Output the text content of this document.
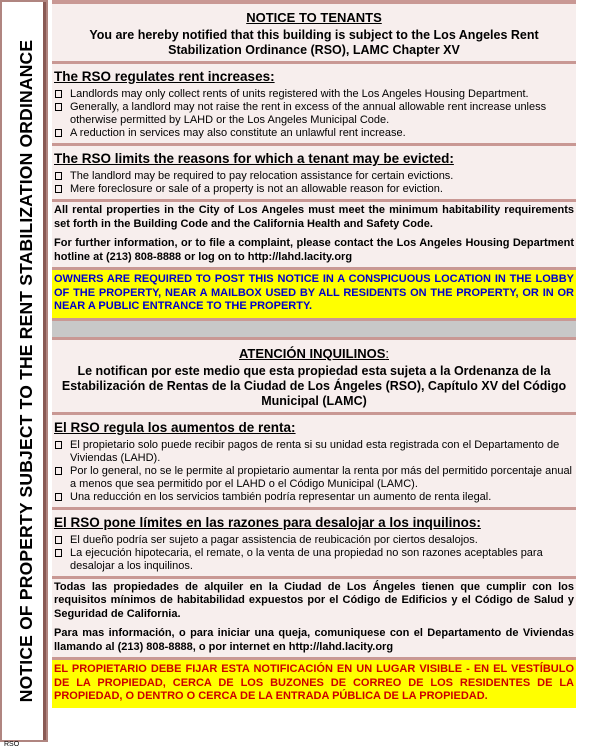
NOTICE OF PROPERTY SUBJECT TO THE RENT STABILIZATION ORDINANCE
RSO
NOTICE TO TENANTS
You are hereby notified that this building is subject to the Los Angeles Rent Stabilization Ordinance (RSO), LAMC Chapter XV
The RSO regulates rent increases:
Landlords may only collect rents of units registered with the Los Angeles Housing Department.
Generally, a landlord may not raise the rent in excess of the annual allowable rent increase unless otherwise permitted by LAHD or the Los Angeles Municipal Code.
A reduction in services may also constitute an unlawful rent increase.
The RSO limits the reasons for which a tenant may be evicted:
The landlord may be required to pay relocation assistance for certain evictions.
Mere foreclosure or sale of a property is not an allowable reason for eviction.
All rental properties in the City of Los Angeles must meet the minimum habitability requirements set forth in the Building Code and the California Health and Safety Code.
For further information, or to file a complaint, please contact the Los Angeles Housing Department hotline at (213) 808-8888 or log on to http://lahd.lacity.org
OWNERS ARE REQUIRED TO POST THIS NOTICE IN A CONSPICUOUS LOCATION IN THE LOBBY OF THE PROPERTY, NEAR A MAILBOX USED BY ALL RESIDENTS ON THE PROPERTY, OR IN OR NEAR A PUBLIC ENTRANCE TO THE PROPERTY.
ATENCIÓN INQUILINOS:
Le notifican por este medio que esta propiedad esta sujeta a la Ordenanza de la Estabilización de Rentas de la Ciudad de Los Ángeles (RSO), Capítulo XV del Código Municipal (LAMC)
El RSO regula los aumentos de renta:
El propietario solo puede recibir pagos de renta si su unidad esta registrada con el Departamento de Viviendas (LAHD).
Por lo general, no se le permite al propietario aumentar la renta por más del permitido porcentaje anual a menos que sea permitido por el LAHD o el Código Municipal (LAMC).
Una reducción en los servicios también podría representar un aumento de renta ilegal.
El RSO pone límites en las razones para desalojar a los inquilinos:
El dueño podría ser sujeto a pagar assistencia de reubicación por ciertos desalojos.
La ejecución hipotecaria, el remate, o la venta de una propiedad no son razones aceptables para desalojar a los inquilinos.
Todas las propiedades de alquiler en la Ciudad de Los Ángeles tienen que cumplir con los requisitos mínimos de habitabilidad expuestos por el Código de Edificios y el Código de Salud y Seguridad de California.
Para mas información, o para iniciar una queja, comuniquese con el Departamento de Viviendas llamando al (213) 808-8888, o por internet en http://lahd.lacity.org
EL PROPIETARIO DEBE FIJAR ESTA NOTIFICACIÓN EN UN LUGAR VISIBLE - EN EL VESTÍBULO DE LA PROPIEDAD, CERCA DE LOS BUZONES DE CORREO DE LOS RESIDENTES DE LA PROPIEDAD, O DENTRO O CERCA DE LA ENTRADA PÚBLICA DE LA PROPIEDAD.
